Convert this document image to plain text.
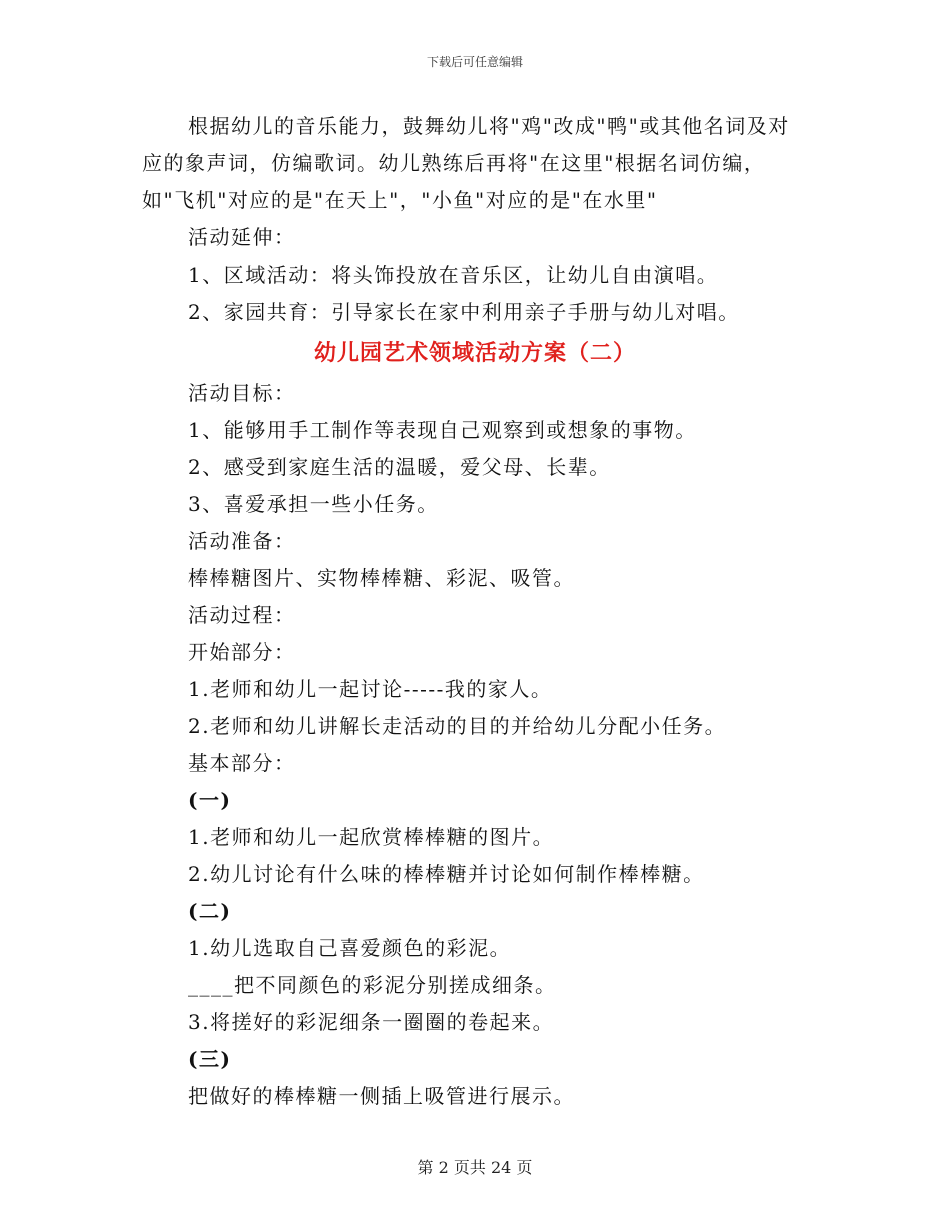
下载后可任意编辑
根据幼儿的音乐能力，鼓舞幼儿将"鸡"改成"鸭"或其他名词及对
应的象声词，仿编歌词。幼儿熟练后再将"在这里"根据名词仿编，
如"飞机"对应的是"在天上"，"小鱼"对应的是"在水里"
活动延伸：
1、区域活动：将头饰投放在音乐区，让幼儿自由演唱。
2、家园共育：引导家长在家中利用亲子手册与幼儿对唱。
幼儿园艺术领域活动方案（二）
活动目标：
1、能够用手工制作等表现自己观察到或想象的事物。
2、感受到家庭生活的温暖，爱父母、长辈。
3、喜爱承担一些小任务。
活动准备：
棒棒糖图片、实物棒棒糖、彩泥、吸管。
活动过程：
开始部分：
1.老师和幼儿一起讨论-----我的家人。
2.老师和幼儿讲解长走活动的目的并给幼儿分配小任务。
基本部分：
(一)
1.老师和幼儿一起欣赏棒棒糖的图片。
2.幼儿讨论有什么味的棒棒糖并讨论如何制作棒棒糖。
(二)
1.幼儿选取自己喜爱颜色的彩泥。
____把不同颜色的彩泥分别搓成细条。
3.将搓好的彩泥细条一圈圈的卷起来。
(三)
把做好的棒棒糖一侧插上吸管进行展示。
第 2 页共 24 页
